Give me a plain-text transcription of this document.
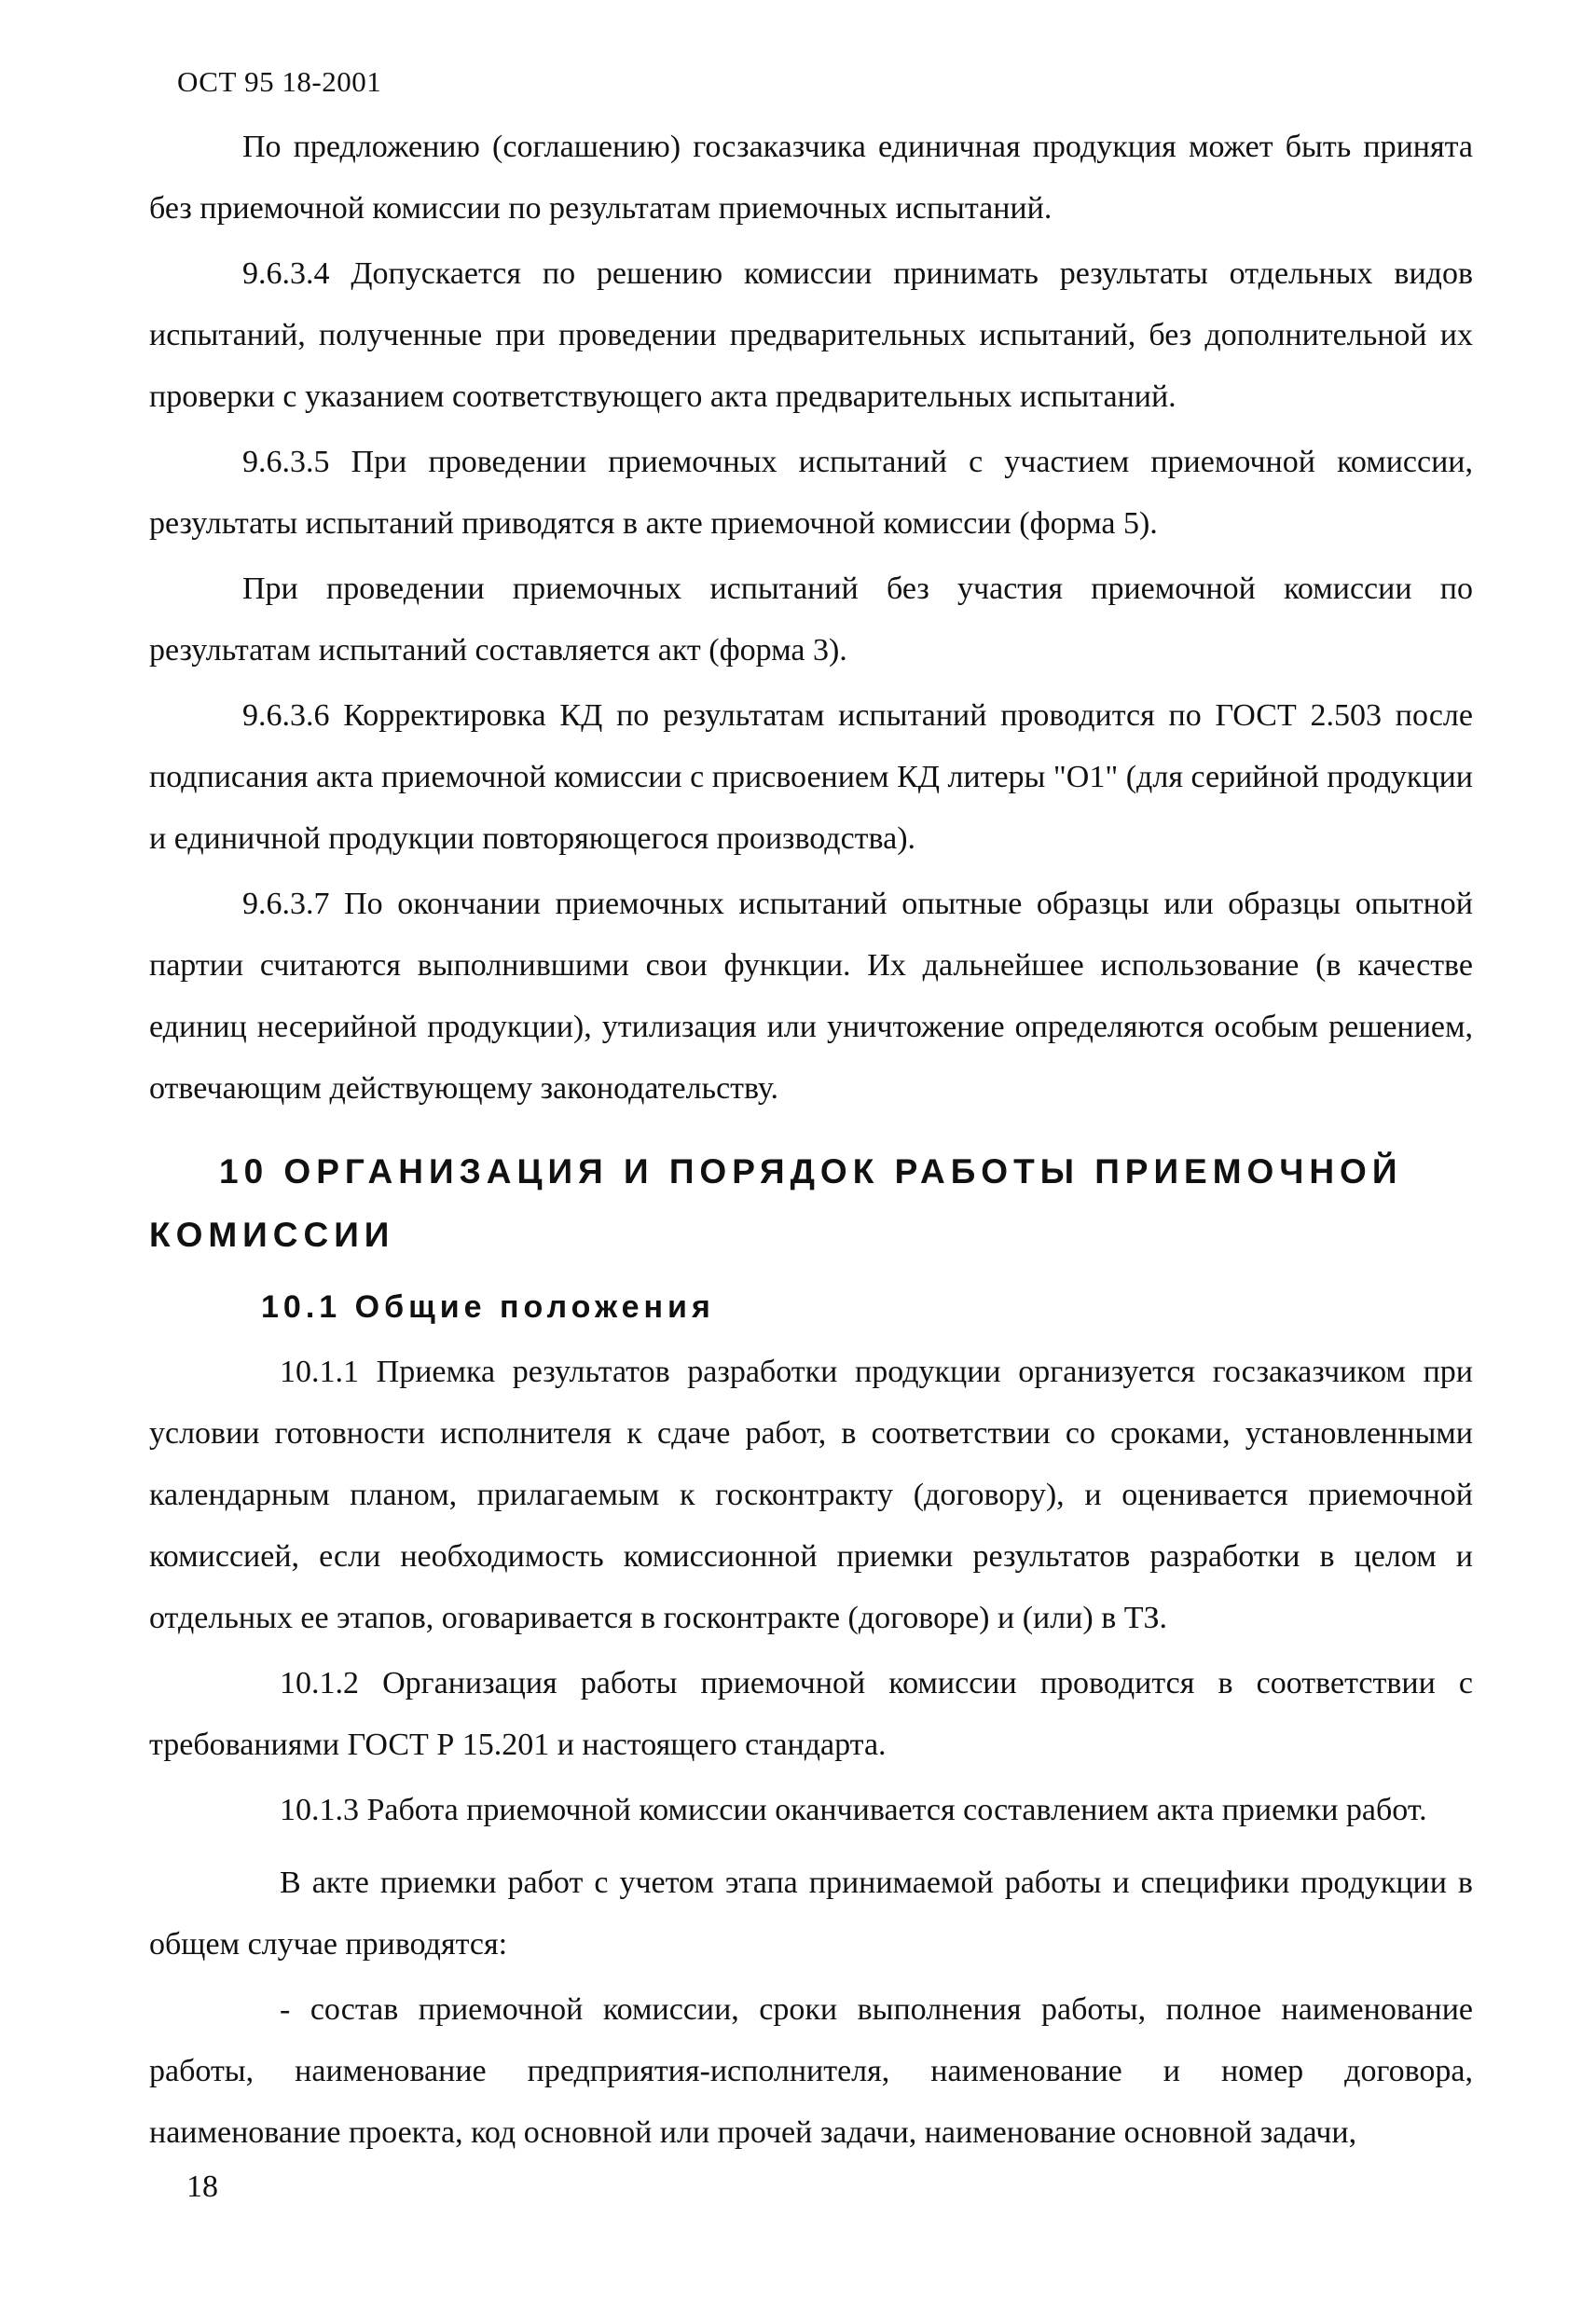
ОСТ 95 18-2001

По предложению (соглашению) госзаказчика единичная продукция может быть принята без приемочной комиссии по результатам приемочных испытаний.

9.6.3.4 Допускается по решению комиссии принимать результаты отдельных видов испытаний, полученные при проведении предварительных испытаний, без дополнительной их проверки с указанием соответствующего акта предварительных испытаний.

9.6.3.5 При проведении приемочных испытаний с участием приемочной комиссии, результаты испытаний приводятся в акте приемочной комиссии (форма 5).

При проведении приемочных испытаний без участия приемочной комиссии по результатам испытаний составляется акт (форма 3).

9.6.3.6 Корректировка КД по результатам испытаний проводится по ГОСТ 2.503 после подписания акта приемочной комиссии с присвоением КД литеры "О1" (для серийной продукции и единичной продукции повторяющегося производства).

9.6.3.7 По окончании приемочных испытаний опытные образцы или образцы опытной партии считаются выполнившими свои функции. Их дальнейшее использование (в качестве единиц несерийной продукции), утилизация или уничтожение определяются особым решением, отвечающим действующему законодательству.

10 ОРГАНИЗАЦИЯ И ПОРЯДОК РАБОТЫ ПРИЕМОЧНОЙ КОМИССИИ
10.1 Общие положения

10.1.1 Приемка результатов разработки продукции организуется госзаказчиком при условии готовности исполнителя к сдаче работ, в соответствии со сроками, установленными календарным планом, прилагаемым к госконтракту (договору), и оценивается приемочной комиссией, если необходимость комиссионной приемки результатов разработки в целом и отдельных ее этапов, оговаривается в госконтракте (договоре) и (или) в ТЗ.

10.1.2 Организация работы приемочной комиссии проводится в соответствии с требованиями ГОСТ Р 15.201 и настоящего стандарта.

10.1.3 Работа приемочной комиссии оканчивается составлением акта приемки работ.

В акте приемки работ с учетом этапа принимаемой работы и специфики продукции в общем случае приводятся:

- состав приемочной комиссии, сроки выполнения работы, полное наименование работы, наименование предприятия-исполнителя, наименование и номер договора, наименование проекта, код основной или прочей задачи, наименование основной задачи,

18
